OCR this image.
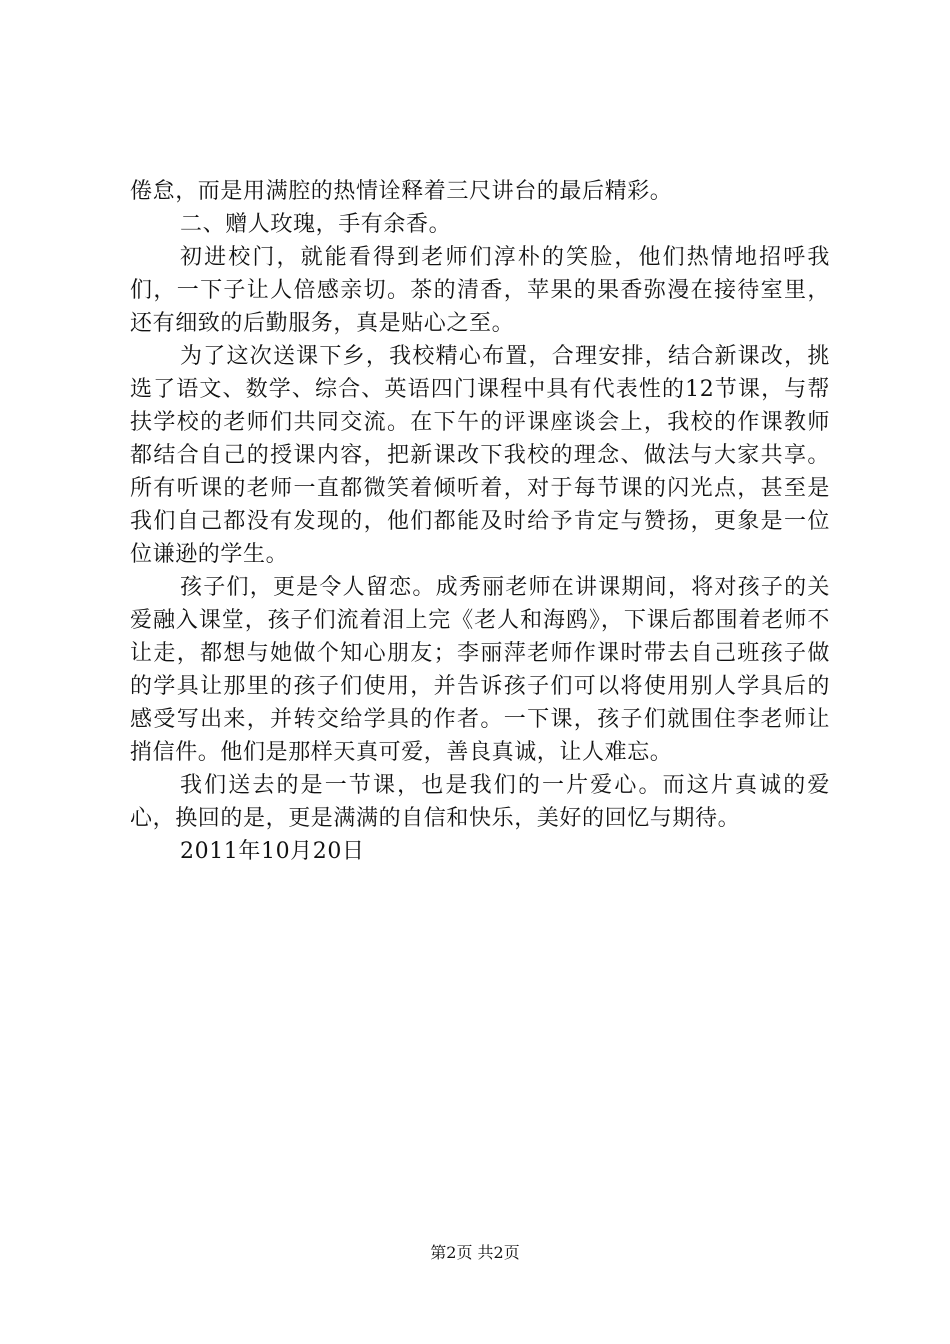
倦怠，而是用满腔的热情诠释着三尺讲台的最后精彩。

二、赠人玫瑰，手有余香。

初进校门，就能看得到老师们淳朴的笑脸，他们热情地招呼我们，一下子让人倍感亲切。茶的清香，苹果的果香弥漫在接待室里，还有细致的后勤服务，真是贴心之至。

为了这次送课下乡，我校精心布置，合理安排，结合新课改，挑选了语文、数学、综合、英语四门课程中具有代表性的12节课，与帮扶学校的老师们共同交流。在下午的评课座谈会上，我校的作课教师都结合自己的授课内容，把新课改下我校的理念、做法与大家共享。所有听课的老师一直都微笑着倾听着，对于每节课的闪光点，甚至是我们自己都没有发现的，他们都能及时给予肯定与赞扬，更象是一位位谦逊的学生。

孩子们，更是令人留恋。成秀丽老师在讲课期间，将对孩子的关爱融入课堂，孩子们流着泪上完《老人和海鸥》，下课后都围着老师不让走，都想与她做个知心朋友；李丽萍老师作课时带去自己班孩子做的学具让那里的孩子们使用，并告诉孩子们可以将使用别人学具后的感受写出来，并转交给学具的作者。一下课，孩子们就围住李老师让捎信件。他们是那样天真可爱，善良真诚，让人难忘。

我们送去的是一节课，也是我们的一片爱心。而这片真诚的爱心，换回的是，更是满满的自信和快乐，美好的回忆与期待。

2011年10月20日

第2页 共2页
